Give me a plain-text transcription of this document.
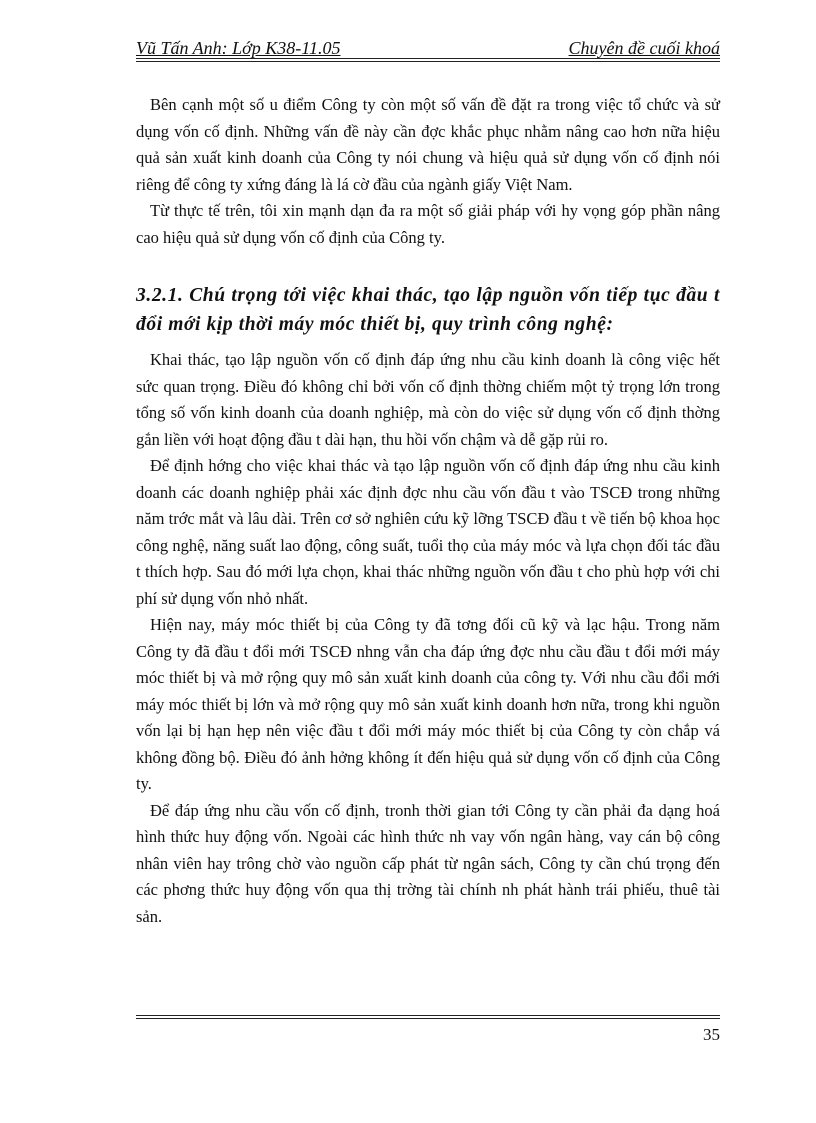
Vũ Tấn Anh: Lớp K38-11.05	Chuyên đề cuối khoá

Bên cạnh một số u điểm Công ty còn một số vấn đề đặt ra trong việc tổ chức và sử dụng vốn cố định. Những vấn đề này cần đợc khắc phục nhằm nâng cao hơn nữa hiệu quả sản xuất kinh doanh của Công ty nói chung và hiệu quả sử dụng vốn cố định nói riêng để công ty xứng đáng là lá cờ đầu của ngành giấy Việt Nam.

Từ thực tế trên, tôi xin mạnh dạn đa ra một số giải pháp với hy vọng góp phần nâng cao hiệu quả sử dụng vốn cố định của Công ty.

3.2.1. Chú trọng tới việc khai thác, tạo lập nguồn vốn tiếp tục đầu t đổi mới kịp thời máy móc thiết bị, quy trình công nghệ:

Khai thác, tạo lập nguồn vốn cố định đáp ứng nhu cầu kinh doanh là công việc hết sức quan trọng. Điều đó không chỉ bởi vốn cố định thờng chiếm một tỷ trọng lớn trong tổng số vốn kinh doanh của doanh nghiệp, mà còn do việc sử dụng vốn cố định thờng gắn liền với hoạt động đầu t dài hạn, thu hồi vốn chậm và dễ gặp rủi ro.

Để định hớng cho việc khai thác và tạo lập nguồn vốn cố định đáp ứng nhu cầu kinh doanh các doanh nghiệp phải xác định đợc nhu cầu vốn đầu t vào TSCĐ trong những năm trớc mắt và lâu dài. Trên cơ sở nghiên cứu kỹ lỡng TSCĐ đầu t về tiến bộ khoa học công nghệ, năng suất lao động, công suất, tuổi thọ của máy móc và lựa chọn đối tác đầu t thích hợp. Sau đó mới lựa chọn, khai thác những nguồn vốn đầu t cho phù hợp với chi phí sử dụng vốn nhỏ nhất.

Hiện nay, máy móc thiết bị của Công ty đã tơng đối cũ kỹ và lạc hậu. Trong năm Công ty đã đầu t đổi mới TSCĐ nhng vẫn cha đáp ứng đợc nhu cầu đầu t đổi mới máy móc thiết bị và mở rộng quy mô sản xuất kinh doanh của công ty. Với nhu cầu đổi mới máy móc thiết bị lớn và mở rộng quy mô sản xuất kinh doanh hơn nữa, trong khi nguồn vốn lại bị hạn hẹp nên việc đầu t đổi mới máy móc thiết bị của Công ty còn chắp vá không đồng bộ. Điều đó ảnh hởng không ít đến hiệu quả sử dụng vốn cố định của Công ty.

Để đáp ứng nhu cầu vốn cố định, tronh thời gian tới Công ty cần phải đa dạng hoá hình thức huy động vốn. Ngoài các hình thức nh vay vốn ngân hàng, vay cán bộ công nhân viên hay trông chờ vào nguồn cấp phát từ ngân sách, Công ty cần chú trọng đến các phơng thức huy động vốn qua thị trờng tài chính nh phát hành trái phiếu, thuê tài sản.

35
